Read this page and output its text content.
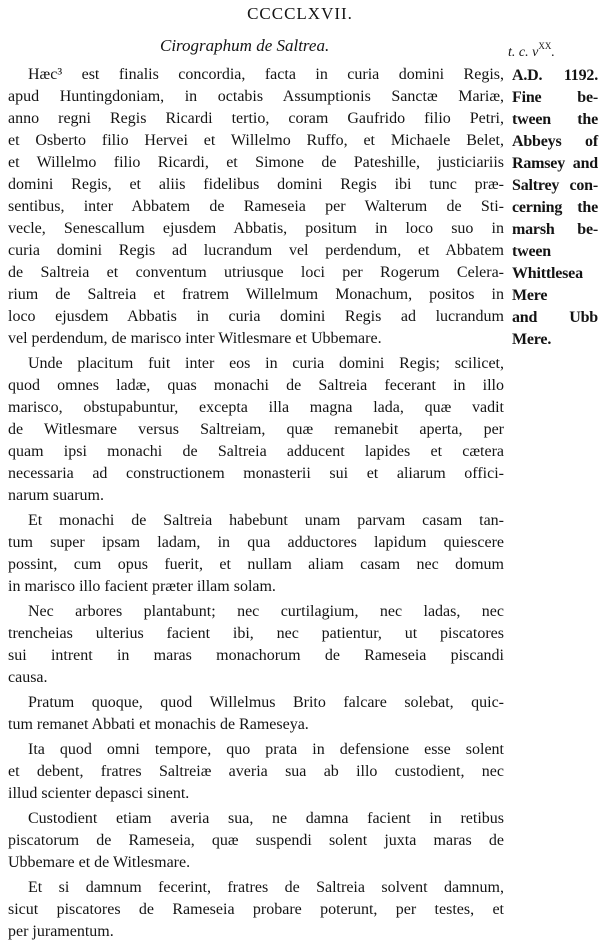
CCCCLXVII.
Cirographum de Saltrea.	t. c. $v^{XX}$.
A.D. 1192.
Fine be-
tween the
Abbeys of
Ramsey and
Saltrey con-
cerning the
marsh be-
tween
Whittlesea
Mere
and Ubb
Mere.
Hæc³ est finalis concordia, facta in curia domini Regis,
apud Huntingdoniam, in octabis Assumptionis Sanctæ Mariæ,
anno regni Regis Ricardi tertio, coram Gaufrido filio Petri,
et Osberto filio Hervei et Willelmo Ruffo, et Michaele Belet,
et Willelmo filio Ricardi, et Simone de Pateshille, justiciariis
domini Regis, et aliis fidelibus domini Regis ibi tunc præ-
sentibus, inter Abbatem de Rameseia per Walterum de Sti-
vecle, Senescallum ejusdem Abbatis, positum in loco suo in
curia domini Regis ad lucrandum vel perdendum, et Abbatem
de Saltreia et conventum utriusque loci per Rogerum Celera-
rium de Saltreia et fratrem Willelmum Monachum, positos in
loco ejusdem Abbatis in curia domini Regis ad lucrandum
vel perdendum, de marisco inter Witlesmare et Ubbemare.
Unde placitum fuit inter eos in curia domini Regis; scilicet,
quod omnes ladæ, quas monachi de Saltreia fecerant in illo
marisco, obstupabuntur, excepta illa magna lada, quæ vadit
de Witlesmare versus Saltreiam, quæ remanebit aperta, per
quam ipsi monachi de Saltreia adducent lapides et cætera
necessaria ad constructionem monasterii sui et aliarum offici-
narum suarum.
Et monachi de Saltreia habebunt unam parvam casam tan-
tum super ipsam ladam, in qua adductores lapidum quiescere
possint, cum opus fuerit, et nullam aliam casam nec domum
in marisco illo facient præter illam solam.
Nec arbores plantabunt; nec curtilagium, nec ladas, nec
trencheias ulterius facient ibi, nec patientur, ut piscatores
sui intrent in maras monachorum de Rameseia piscandi
causa.
Pratum quoque, quod Willelmus Brito falcare solebat, quic-
tum remanet Abbati et monachis de Rameseya.
Ita quod omni tempore, quo prata in defensione esse solent
et debent, fratres Saltreiæ averia sua ab illo custodient, nec
illud scienter depasci sinent.
Custodient etiam averia sua, ne damna facient in retibus
piscatorum de Rameseia, quæ suspendi solent juxta maras de
Ubbemare et de Witlesmare.
Et si damnum fecerint, fratres de Saltreia solvent damnum,
sicut piscatores de Rameseia probare poterunt, per testes, et
per juramentum.
